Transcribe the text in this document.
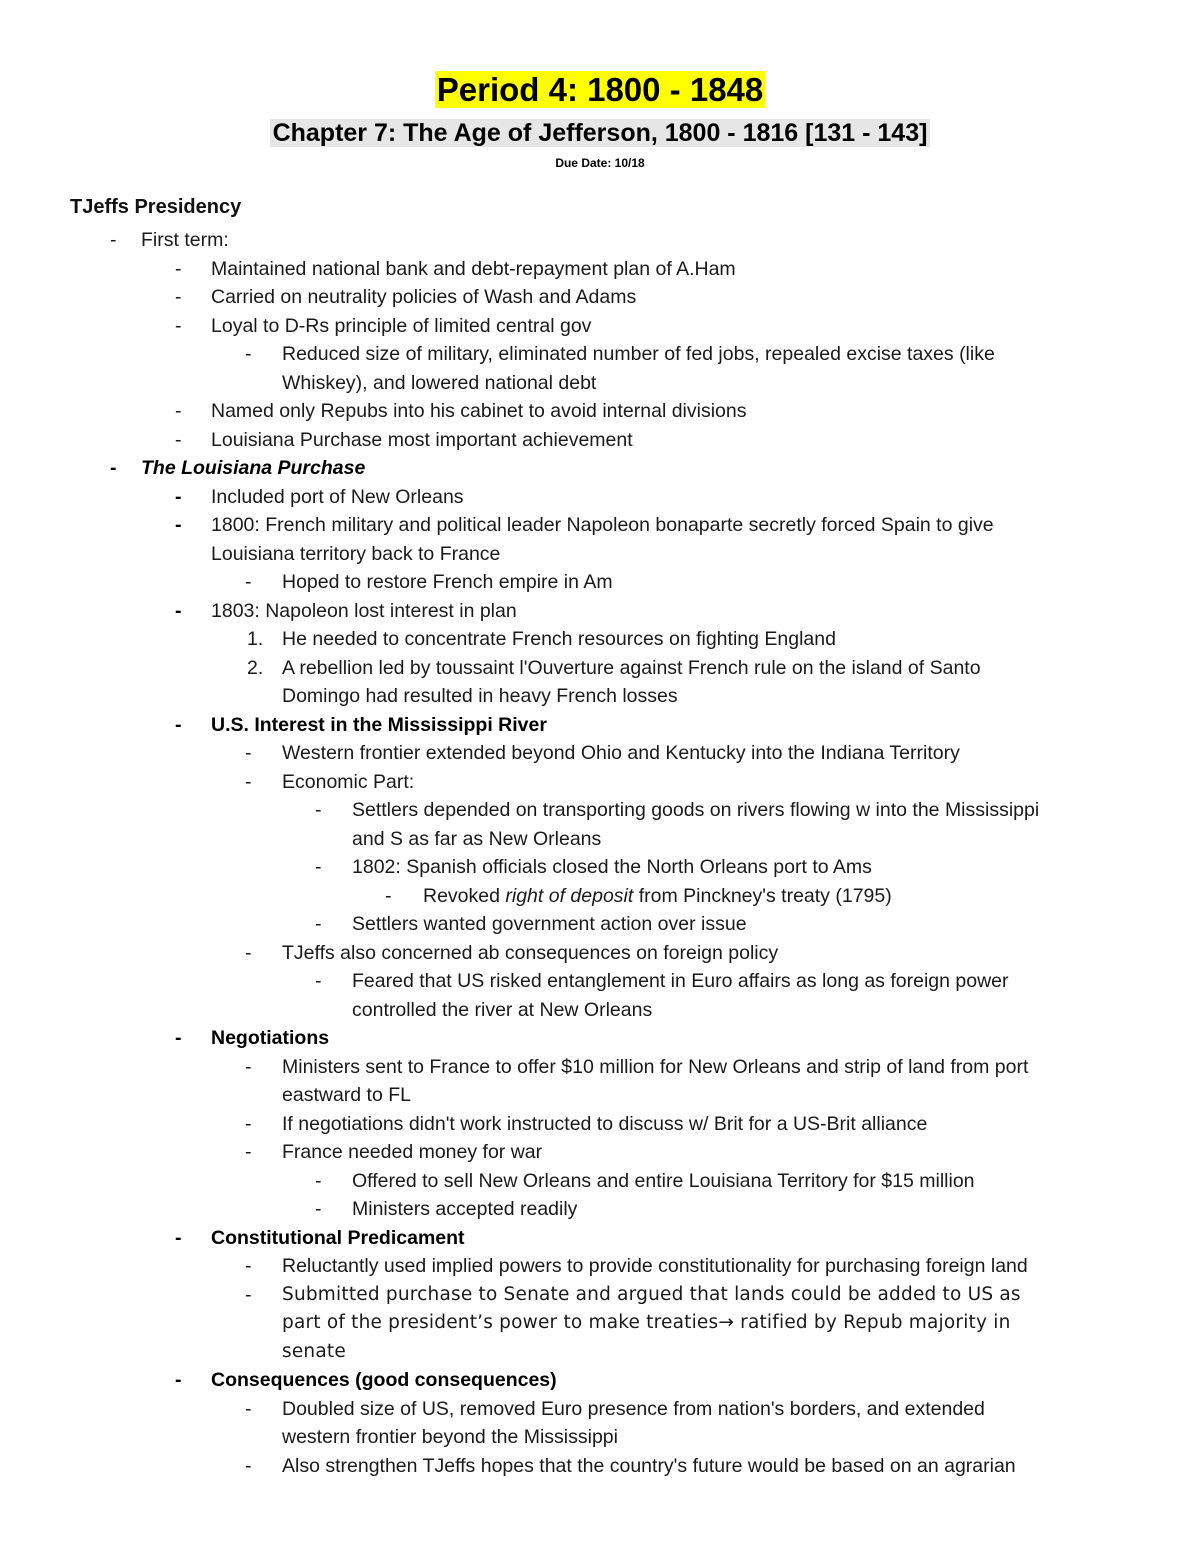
Period 4: 1800 - 1848
Chapter 7: The Age of Jefferson, 1800 - 1816 [131 - 143]
Due Date: 10/18
TJeffs Presidency
-	First term:
-	Maintained national bank and debt-repayment plan of A.Ham
-	Carried on neutrality policies of Wash and Adams
-	Loyal to D-Rs principle of limited central gov
-	Reduced size of military, eliminated number of fed jobs, repealed excise taxes (like
Whiskey), and lowered national debt
-	Named only Repubs into his cabinet to avoid internal divisions
-	Louisiana Purchase most important achievement
-	The Louisiana Purchase
-	Included port of New Orleans
-	1800: French military and political leader Napoleon bonaparte secretly forced Spain to give
Louisiana territory back to France
-	Hoped to restore French empire in Am
-	1803: Napoleon lost interest in plan
1. He needed to concentrate French resources on fighting England
2. A rebellion led by toussaint l'Ouverture against French rule on the island of Santo
Domingo had resulted in heavy French losses
-	U.S. Interest in the Mississippi River
-	Western frontier extended beyond Ohio and Kentucky into the Indiana Territory
-	Economic Part:
-	Settlers depended on transporting goods on rivers flowing w into the Mississippi
and S as far as New Orleans
-	1802: Spanish officials closed the North Orleans port to Ams
-	Revoked right of deposit from Pinckney's treaty (1795)
-	Settlers wanted government action over issue
-	TJeffs also concerned ab consequences on foreign policy
-	Feared that US risked entanglement in Euro affairs as long as foreign power
controlled the river at New Orleans
-	Negotiations
-	Ministers sent to France to offer $10 million for New Orleans and strip of land from port
eastward to FL
-	If negotiations didn't work instructed to discuss w/ Brit for a US-Brit alliance
-	France needed money for war
-	Offered to sell New Orleans and entire Louisiana Territory for $15 million
-	Ministers accepted readily
-	Constitutional Predicament
-	Reluctantly used implied powers to provide constitutionality for purchasing foreign land
-	Submitted purchase to Senate and argued that lands could be added to US as
part of the president’s power to make treaties→ ratified by Repub majority in
senate
-	Consequences (good consequences)
-	Doubled size of US, removed Euro presence from nation's borders, and extended
western frontier beyond the Mississippi
-	Also strengthen TJeffs hopes that the country's future would be based on an agrarian
